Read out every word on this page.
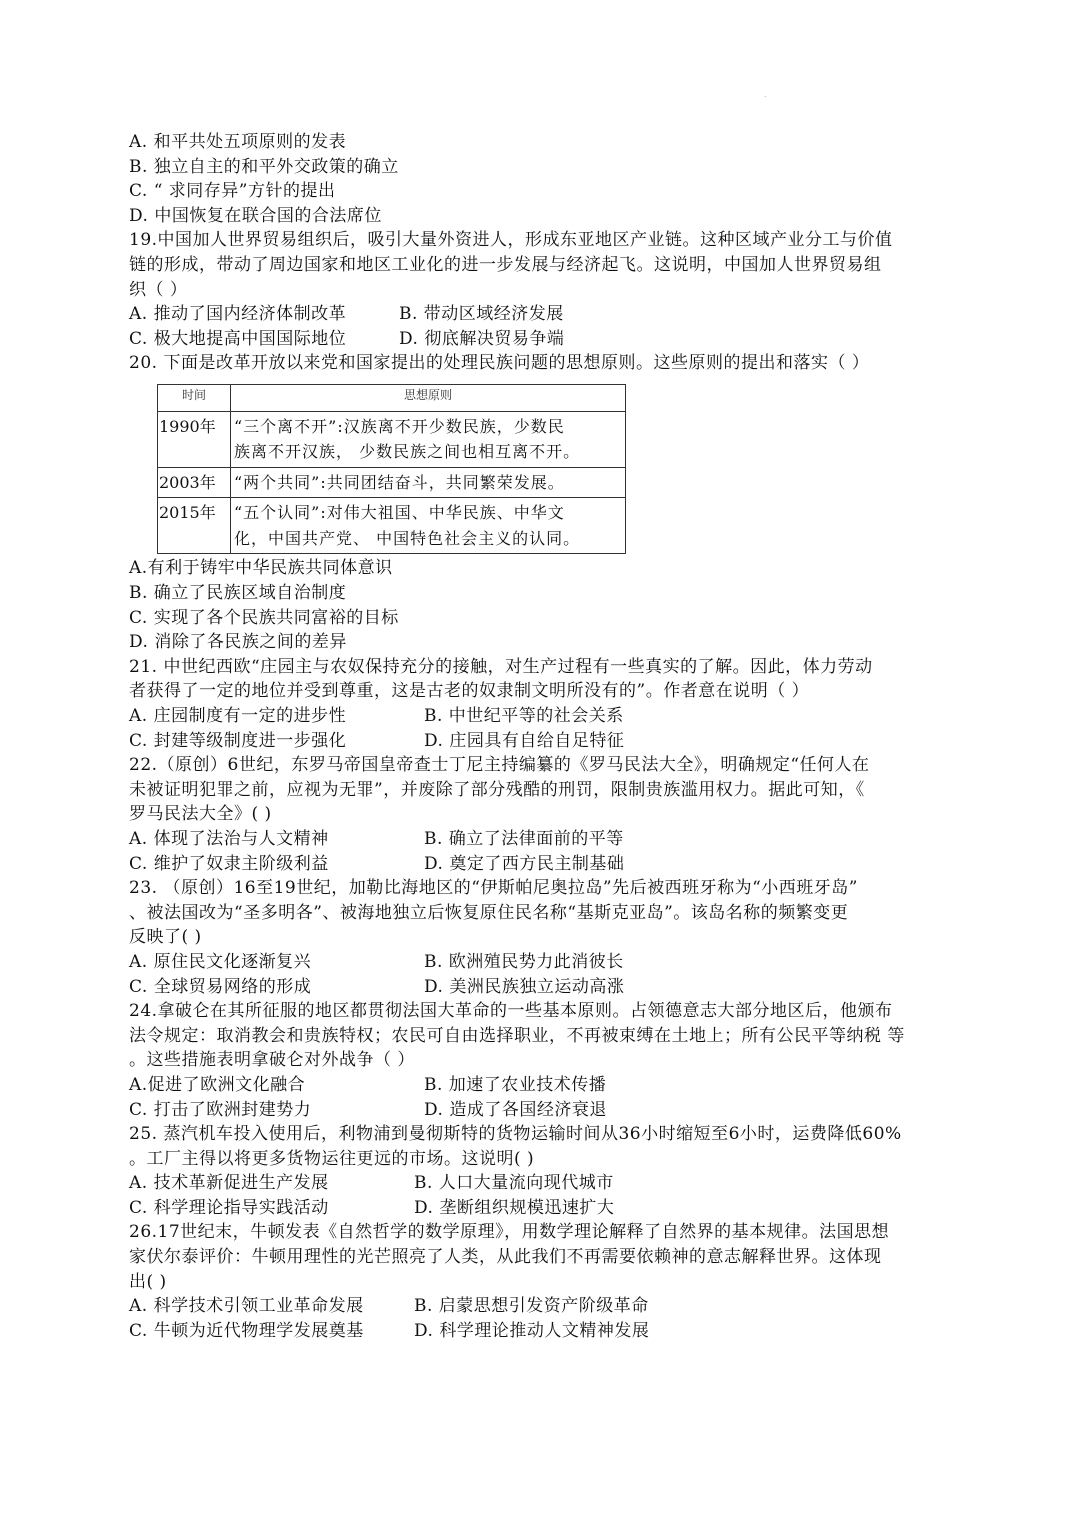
.
A. 和平共处五项原则的发表
B. 独立自主的和平外交政策的确立
C. “ 求同存异”方针的提出
D. 中国恢复在联合国的合法席位
19.中国加人世界贸易组织后，吸引大量外资进人，形成东亚地区产业链。这种区域产业分工与价值
链的形成，带动了周边国家和地区工业化的进一步发展与经济起飞。这说明，中国加人世界贸易组
织（ ）
A. 推动了国内经济体制改革	B. 带动区域经济发展
C. 极大地提高中国国际地位	D. 彻底解决贸易争端
20. 下面是改革开放以来党和国家提出的处理民族问题的思想原则。这些原则的提出和落实（ ）
时间	思想原则
1990年	“三个离不开”:汉族离不开少数民族，少数民
族离不开汉族， 少数民族之间也相互离不开。

2003年	“两个共同”:共同团结奋斗，共同繁荣发展。

2015年	“五个认同”:对伟大祖国、中华民族、中华文
化，中国共产党、 中国特色社会主义的认同。
A.有利于铸牢中华民族共同体意识
B. 确立了民族区域自治制度
C. 实现了各个民族共同富裕的目标
D. 消除了各民族之间的差异
21. 中世纪西欧“庄园主与农奴保持充分的接触，对生产过程有一些真实的了解。因此，体力劳动
者获得了一定的地位并受到尊重，这是古老的奴隶制文明所没有的”。作者意在说明（ ）
A. 庄园制度有一定的进步性	B. 中世纪平等的社会关系
C. 封建等级制度进一步强化	D. 庄园具有自给自足特征
22.（原创）6世纪，东罗马帝国皇帝查士丁尼主持编纂的《罗马民法大全》，明确规定“任何人在
未被证明犯罪之前，应视为无罪”，并废除了部分残酷的刑罚，限制贵族滥用权力。据此可知，《
罗马民法大全》( )
A. 体现了法治与人文精神	B. 确立了法律面前的平等
C. 维护了奴隶主阶级利益	D. 奠定了西方民主制基础
23. （原创）16至19世纪，加勒比海地区的“伊斯帕尼奥拉岛”先后被西班牙称为“小西班牙岛”
、被法国改为“圣多明各”、被海地独立后恢复原住民名称“基斯克亚岛”。该岛名称的频繁变更
反映了( )
A. 原住民文化逐渐复兴	B. 欧洲殖民势力此消彼长
C. 全球贸易网络的形成	D. 美洲民族独立运动高涨
24.拿破仑在其所征服的地区都贯彻法国大革命的一些基本原则。占领德意志大部分地区后，他颁布
法令规定：取消教会和贵族特权；农民可自由选择职业，不再被束缚在土地上；所有公民平等纳税 等
。这些措施表明拿破仑对外战争（ ）
A.促进了欧洲文化融合	B. 加速了农业技术传播
C. 打击了欧洲封建势力	D. 造成了各国经济衰退
25. 蒸汽机车投入使用后，利物浦到曼彻斯特的货物运输时间从36小时缩短至6小时，运费降低60%
。工厂主得以将更多货物运往更远的市场。这说明( )
A. 技术革新促进生产发展	B. 人口大量流向现代城市
C. 科学理论指导实践活动	D. 垄断组织规模迅速扩大
26.17世纪末，牛顿发表《自然哲学的数学原理》，用数学理论解释了自然界的基本规律。法国思想
家伏尔泰评价：牛顿用理性的光芒照亮了人类，从此我们不再需要依赖神的意志解释世界。这体现
出( )
A. 科学技术引领工业革命发展	B. 启蒙思想引发资产阶级革命
C. 牛顿为近代物理学发展奠基	D. 科学理论推动人文精神发展
